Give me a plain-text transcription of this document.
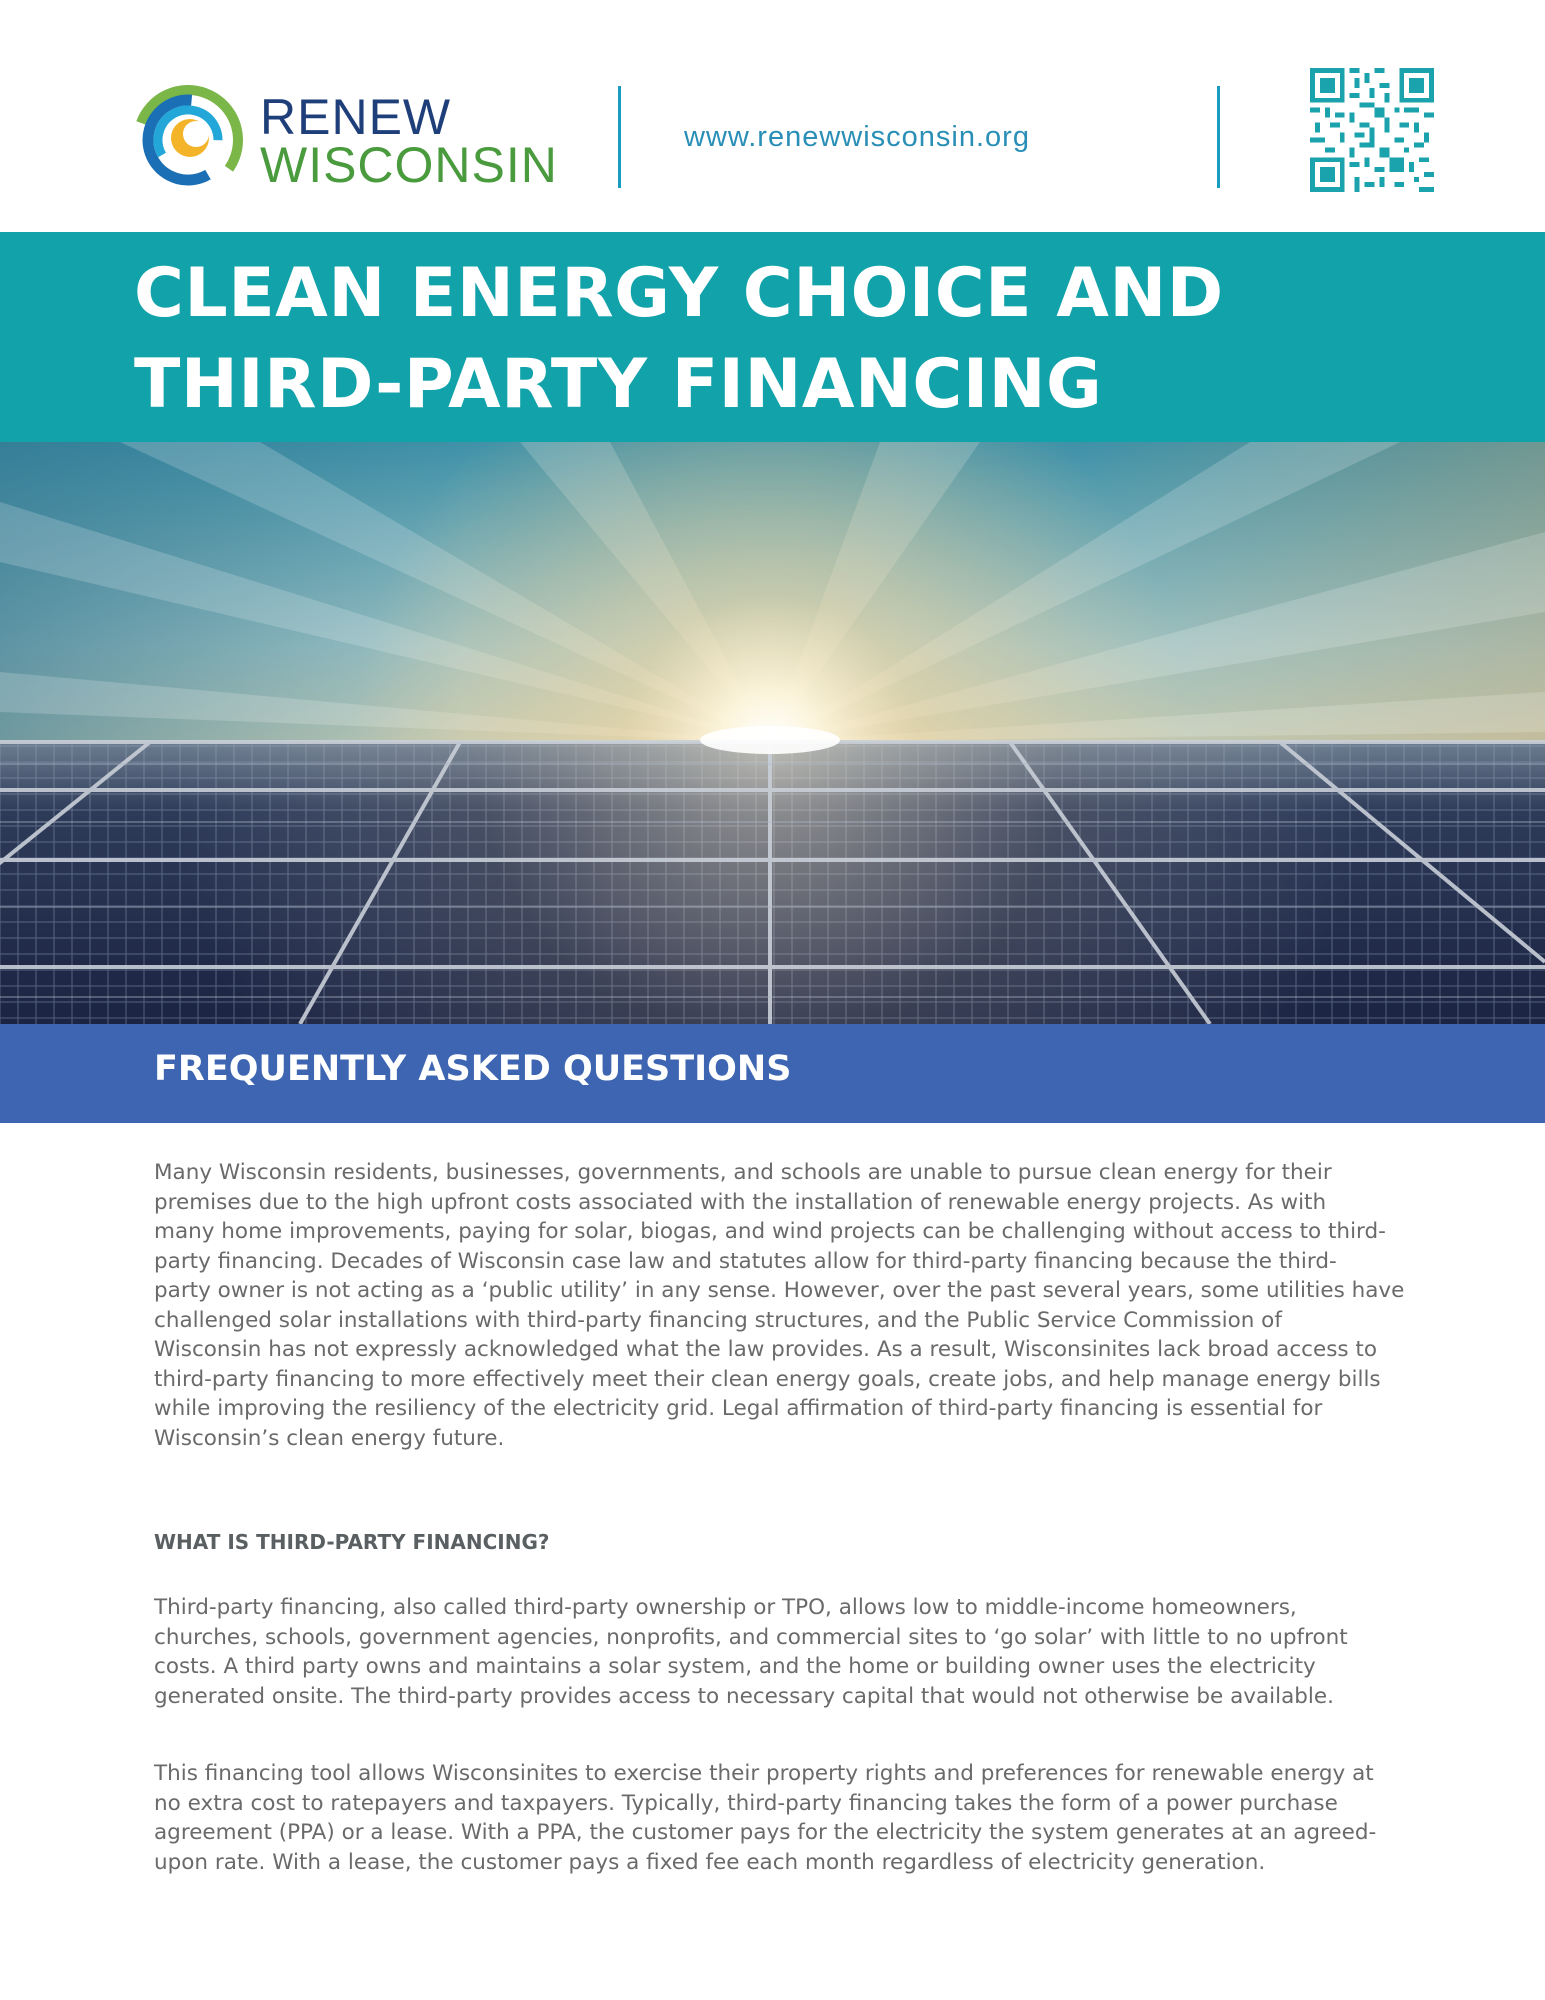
RENEW
WISCONSIN	www.renewwisconsin.org
CLEAN ENERGY CHOICE AND
THIRD-PARTY FINANCING
FREQUENTLY ASKED QUESTIONS
Many Wisconsin residents, businesses, governments, and schools are unable to pursue clean energy for their
premises due to the high upfront costs associated with the installation of renewable energy projects. As with
many home improvements, paying for solar, biogas, and wind projects can be challenging without access to third-
party financing. Decades of Wisconsin case law and statutes allow for third-party financing because the third-
party owner is not acting as a ‘public utility’ in any sense. However, over the past several years, some utilities have
challenged solar installations with third-party financing structures, and the Public Service Commission of
Wisconsin has not expressly acknowledged what the law provides. As a result, Wisconsinites lack broad access to
third-party financing to more effectively meet their clean energy goals, create jobs, and help manage energy bills
while improving the resiliency of the electricity grid. Legal affirmation of third-party financing is essential for
Wisconsin’s clean energy future.
WHAT IS THIRD-PARTY FINANCING?
Third-party financing, also called third-party ownership or TPO, allows low to middle-income homeowners,
churches, schools, government agencies, nonprofits, and commercial sites to ‘go solar’ with little to no upfront
costs. A third party owns and maintains a solar system, and the home or building owner uses the electricity
generated onsite. The third-party provides access to necessary capital that would not otherwise be available.
This financing tool allows Wisconsinites to exercise their property rights and preferences for renewable energy at
no extra cost to ratepayers and taxpayers. Typically, third-party financing takes the form of a power purchase
agreement (PPA) or a lease. With a PPA, the customer pays for the electricity the system generates at an agreed-
upon rate. With a lease, the customer pays a fixed fee each month regardless of electricity generation.
